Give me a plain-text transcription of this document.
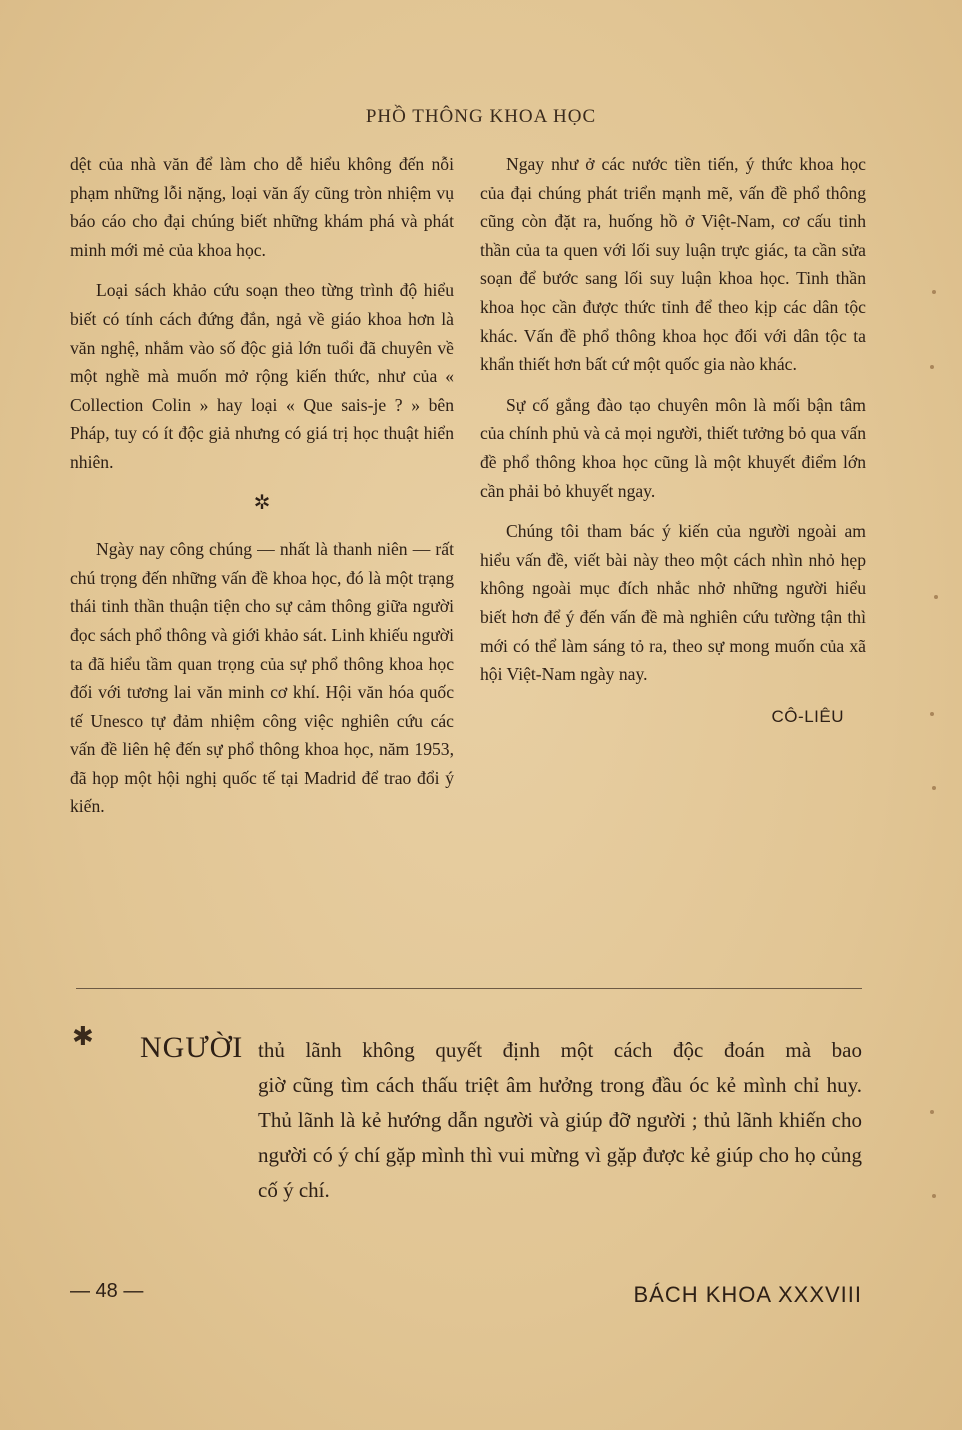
PHỒ THÔNG KHOA HỌC

dệt của nhà văn để làm cho dễ hiểu không đến nỗi phạm những lỗi nặng, loại văn ấy cũng tròn nhiệm vụ báo cáo cho đại chúng biết những khám phá và phát minh mới mẻ của khoa học.

Loại sách khảo cứu soạn theo từng trình độ hiểu biết có tính cách đứng đắn, ngả về giáo khoa hơn là văn nghệ, nhắm vào số độc giả lớn tuổi đã chuyên về một nghề mà muốn mở rộng kiến thức, như của « Collection Colin » hay loại « Que sais-je ? » bên Pháp, tuy có ít độc giả nhưng có giá trị học thuật hiển nhiên.

✲

Ngày nay công chúng — nhất là thanh niên — rất chú trọng đến những vấn đề khoa học, đó là một trạng thái tinh thần thuận tiện cho sự cảm thông giữa người đọc sách phổ thông và giới khảo sát. Linh khiếu người ta đã hiểu tầm quan trọng của sự phổ thông khoa học đối với tương lai văn minh cơ khí. Hội văn hóa quốc tế Unesco tự đảm nhiệm công việc nghiên cứu các vấn đề liên hệ đến sự phổ thông khoa học, năm 1953, đã họp một hội nghị quốc tế tại Madrid để trao đổi ý kiến.

Ngay như ở các nước tiền tiến, ý thức khoa học của đại chúng phát triển mạnh mẽ, vấn đề phổ thông cũng còn đặt ra, huống hồ ở Việt-Nam, cơ cấu tinh thần của ta quen với lối suy luận trực giác, ta cần sửa soạn để bước sang lối suy luận khoa học. Tinh thần khoa học cần được thức tỉnh để theo kịp các dân tộc khác. Vấn đề phổ thông khoa học đối với dân tộc ta khẩn thiết hơn bất cứ một quốc gia nào khác.

Sự cố gắng đào tạo chuyên môn là mối bận tâm của chính phủ và cả mọi người, thiết tưởng bỏ qua vấn đề phổ thông khoa học cũng là một khuyết điểm lớn cần phải bỏ khuyết ngay.

Chúng tôi tham bác ý kiến của người ngoài am hiểu vấn đề, viết bài này theo một cách nhìn nhỏ hẹp không ngoài mục đích nhắc nhở những người hiểu biết hơn để ý đến vấn đề mà nghiên cứu tường tận thì mới có thể làm sáng tỏ ra, theo sự mong muốn của xã hội Việt-Nam ngày nay.

CÔ-LIÊU
✱ NGƯỜI thủ lãnh không quyết định một cách độc đoán mà bao
giờ cũng tìm cách thấu triệt âm hưởng trong đầu óc kẻ mình chỉ huy. Thủ lãnh là kẻ hướng dẫn người và giúp đỡ người ; thủ lãnh khiến cho người có ý chí gặp mình thì vui mừng vì gặp được kẻ giúp cho họ củng cố ý chí.
— 48 —	BÁCH KHOA XXXVIII
